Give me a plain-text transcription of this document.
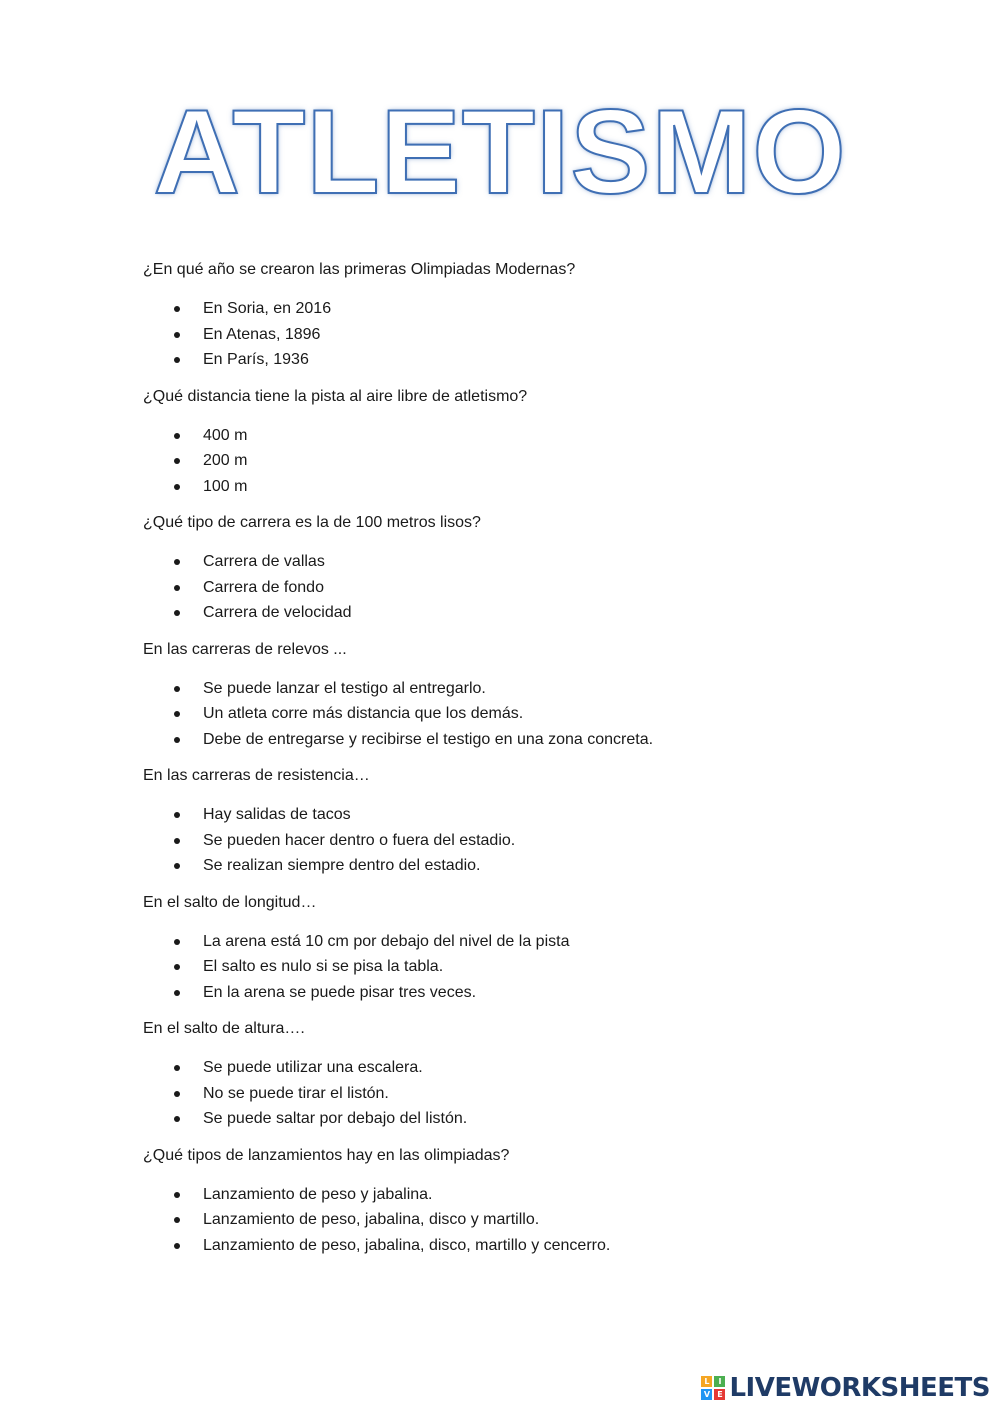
ATLETISMO
¿En qué año se crearon las primeras Olimpiadas Modernas?
En Soria, en 2016
En Atenas, 1896
En París, 1936
¿Qué distancia tiene la pista al aire libre de atletismo?
400 m
200 m
100 m
¿Qué tipo de carrera es la de 100 metros lisos?
Carrera de vallas
Carrera de fondo
Carrera de velocidad
En las carreras de relevos ...
Se puede lanzar el testigo al entregarlo.
Un atleta corre más distancia que los demás.
Debe de entregarse y recibirse el testigo en una zona concreta.
En las carreras de resistencia…
Hay salidas de tacos
Se pueden hacer dentro o fuera del estadio.
Se realizan siempre dentro del estadio.
En el salto de longitud…
La arena está 10 cm por debajo del nivel de la pista
El salto es nulo si se pisa la tabla.
En la arena se puede pisar tres veces.
En el salto de altura….
Se puede utilizar una escalera.
No se puede tirar el listón.
Se puede saltar por debajo del listón.
¿Qué tipos de lanzamientos hay en las olimpiadas?
Lanzamiento de peso y jabalina.
Lanzamiento de peso, jabalina, disco y martillo.
Lanzamiento de peso, jabalina, disco, martillo y cencerro.
L	I
V E LIVEWORKSHEETS
